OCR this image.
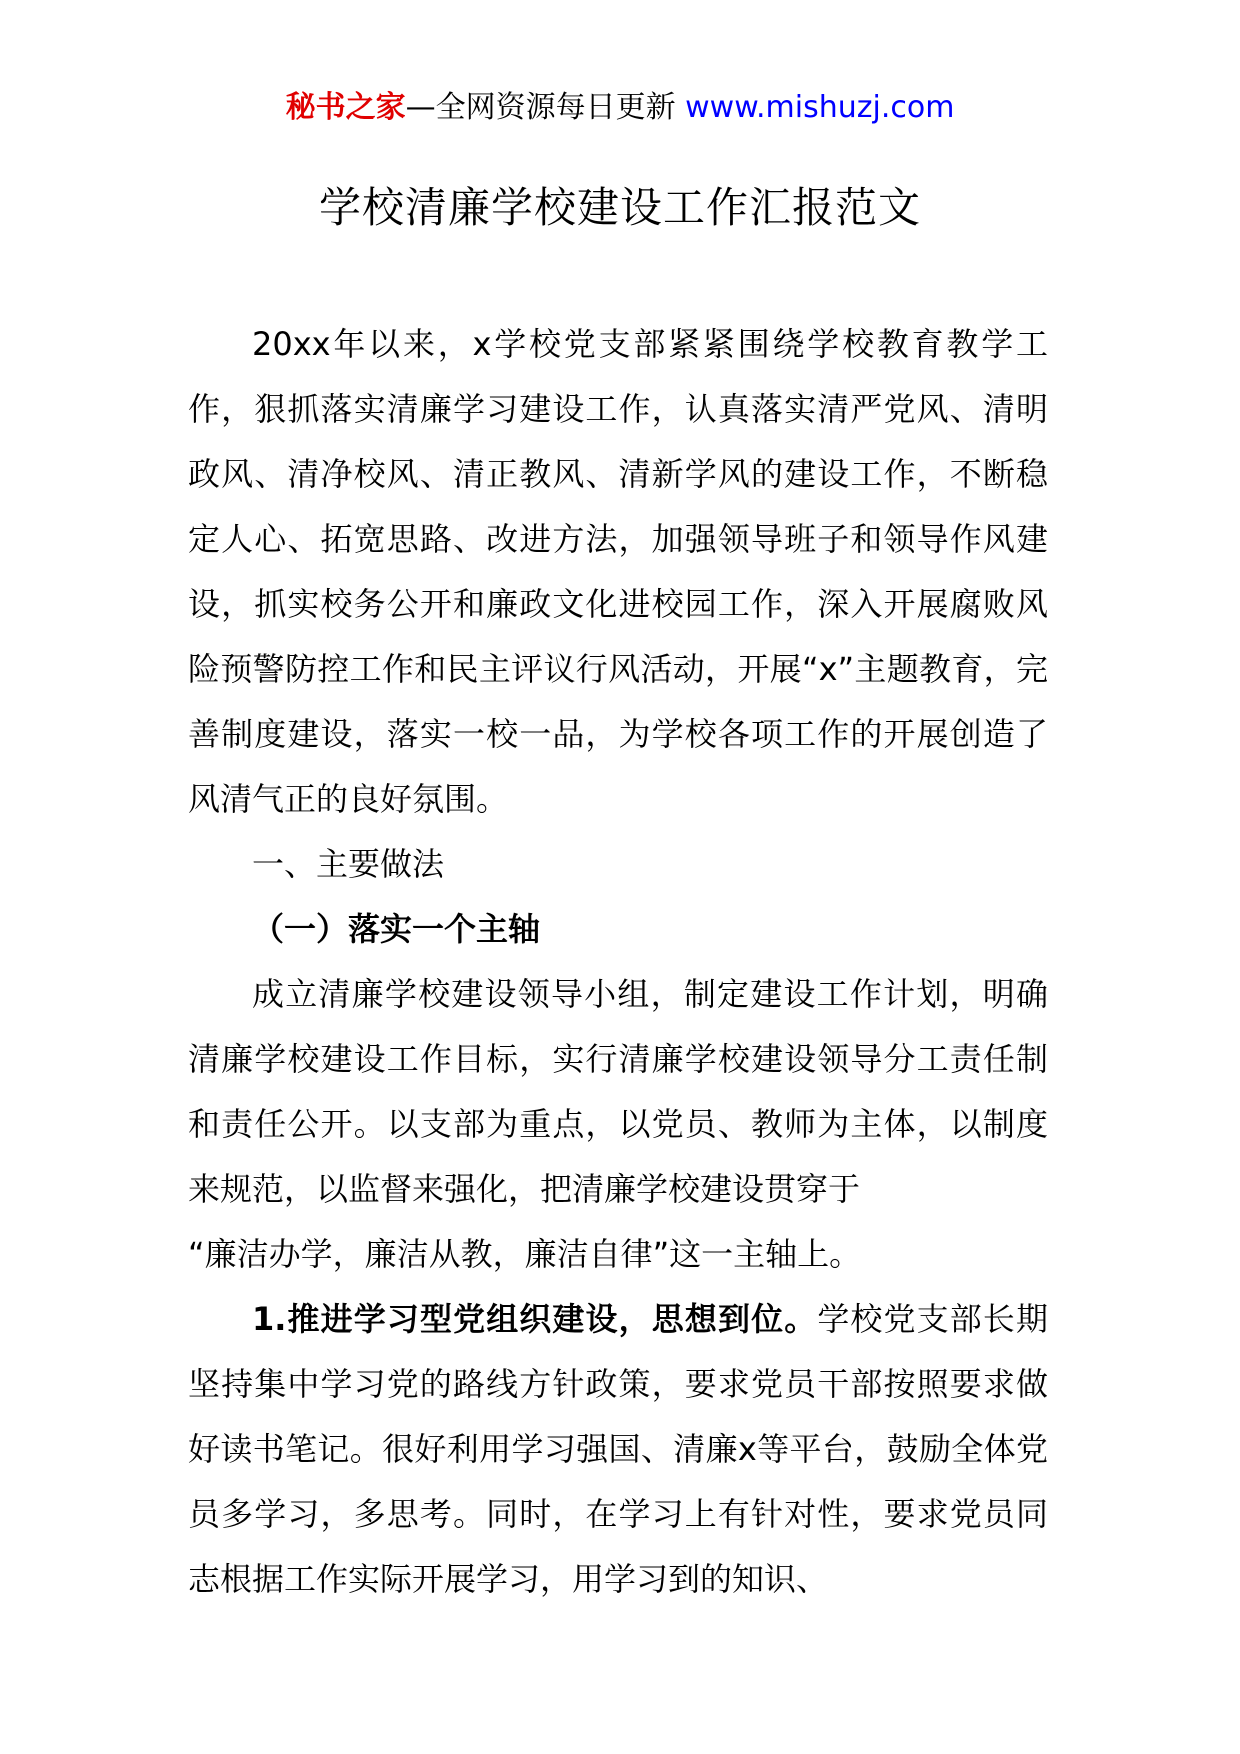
秘书之家—全网资源每日更新 www.mishuzj.com
学校清廉学校建设工作汇报范文

20xx年以来，x学校党支部紧紧围绕学校教育教学工作，狠抓落实清廉学习建设工作，认真落实清严党风、清明政风、清净校风、清正教风、清新学风的建设工作，不断稳定人心、拓宽思路、改进方法，加强领导班子和领导作风建设，抓实校务公开和廉政文化进校园工作，深入开展腐败风险预警防控工作和民主评议行风活动，开展“x”主题教育，完善制度建设，落实一校一品，为学校各项工作的开展创造了风清气正的良好氛围。

一、主要做法

（一）落实一个主轴

成立清廉学校建设领导小组，制定建设工作计划，明确清廉学校建设工作目标，实行清廉学校建设领导分工责任制和责任公开。以支部为重点，以党员、教师为主体，以制度来规范，以监督来强化，把清廉学校建设贯穿于

“廉洁办学，廉洁从教，廉洁自律”这一主轴上。

1.推进学习型党组织建设，思想到位。学校党支部长期坚持集中学习党的路线方针政策，要求党员干部按照要求做好读书笔记。很好利用学习强国、清廉x等平台，鼓励全体党员多学习，多思考。同时，在学习上有针对性，要求党员同志根据工作实际开展学习，用学习到的知识、
